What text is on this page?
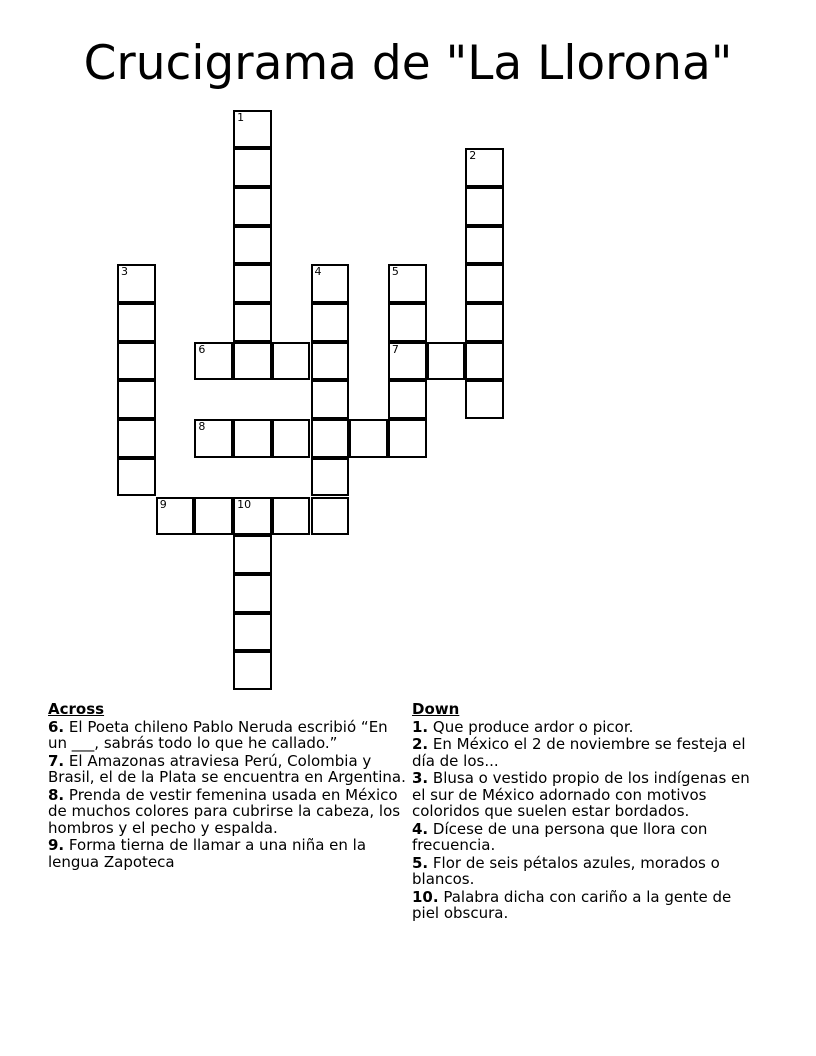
Crucigrama de "La Llorona"
1
2
3	4	5
7
6
8
9	10
Across
6. El Poeta chileno Pablo Neruda escribió “En un ___, sabrás todo lo que he callado.”
7. El Amazonas atraviesa Perú, Colombia y Brasil, el de la Plata se encuentra en Argentina.
8. Prenda de vestir femenina usada en México de muchos colores para cubrirse la cabeza, los hombros y el pecho y espalda.
9. Forma tierna de llamar a una niña en la lengua Zapoteca
Down
1. Que produce ardor o picor.
2. En México el 2 de noviembre se festeja el día de los...
3. Blusa o vestido propio de los indígenas en el sur de México adornado con motivos coloridos que suelen estar bordados.
4. Dícese de una persona que llora con frecuencia.
5. Flor de seis pétalos azules, morados o blancos.
10. Palabra dicha con cariño a la gente de piel obscura.
